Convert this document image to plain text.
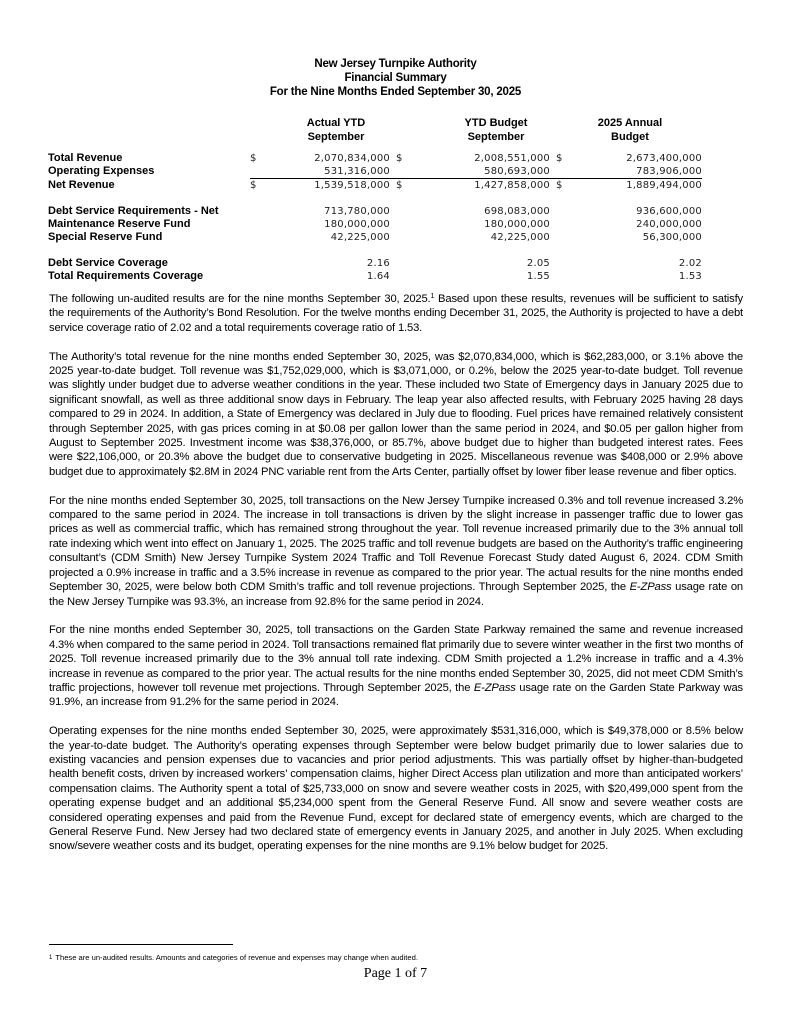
New Jersey Turnpike Authority
Financial Summary
For the Nine Months Ended September 30, 2025
Actual YTD
September
YTD Budget
September
2025 Annual
Budget
Total Revenue	$	2,070,834,000	$	2,008,551,000	$	2,673,400,000
Operating Expenses		531,316,000		580,693,000		783,906,000
Net Revenue	$	1,539,518,000	$	1,427,858,000	$	1,889,494,000

Debt Service Requirements - Net		713,780,000		698,083,000		936,600,000
Maintenance Reserve Fund		180,000,000		180,000,000		240,000,000
Special Reserve Fund		42,225,000		42,225,000		56,300,000

Debt Service Coverage		2.16		2.05		2.02
Total Requirements Coverage		1.64		1.55		1.53

The following un-audited results are for the nine months September 30, 2025.$^1$ Based upon these results, revenues will be sufficient to satisfy the requirements of the Authority’s Bond Resolution. For the twelve months ending December 31, 2025, the Authority is projected to have a debt service coverage ratio of 2.02 and a total requirements coverage ratio of 1.53.

The Authority’s total revenue for the nine months ended September 30, 2025, was $2,070,834,000, which is $62,283,000, or 3.1% above the 2025 year-to-date budget. Toll revenue was $1,752,029,000, which is $3,071,000, or 0.2%, below the 2025 year-to-date budget. Toll revenue was slightly under budget due to adverse weather conditions in the year. These included two State of Emergency days in January 2025 due to significant snowfall, as well as three additional snow days in February. The leap year also affected results, with February 2025 having 28 days compared to 29 in 2024. In addition, a State of Emergency was declared in July due to flooding. Fuel prices have remained relatively consistent through September 2025, with gas prices coming in at $0.08 per gallon lower than the same period in 2024, and $0.05 per gallon higher from August to September 2025. Investment income was $38,376,000, or 85.7%, above budget due to higher than budgeted interest rates. Fees were $22,106,000, or 20.3% above the budget due to conservative budgeting in 2025. Miscellaneous revenue was $408,000 or 2.9% above budget due to approximately $2.8M in 2024 PNC variable rent from the Arts Center, partially offset by lower fiber lease revenue and fiber optics.

For the nine months ended September 30, 2025, toll transactions on the New Jersey Turnpike increased 0.3% and toll revenue increased 3.2% compared to the same period in 2024. The increase in toll transactions is driven by the slight increase in passenger traffic due to lower gas prices as well as commercial traffic, which has remained strong throughout the year. Toll revenue increased primarily due to the 3% annual toll rate indexing which went into effect on January 1, 2025. The 2025 traffic and toll revenue budgets are based on the Authority’s traffic engineering consultant’s (CDM Smith) New Jersey Turnpike System 2024 Traffic and Toll Revenue Forecast Study dated August 6, 2024. CDM Smith projected a 0.9% increase in traffic and a 3.5% increase in revenue as compared to the prior year. The actual results for the nine months ended September 30, 2025, were below both CDM Smith’s traffic and toll revenue projections. Through September 2025, the E-ZPass usage rate on the New Jersey Turnpike was 93.3%, an increase from 92.8% for the same period in 2024.

For the nine months ended September 30, 2025, toll transactions on the Garden State Parkway remained the same and revenue increased 4.3% when compared to the same period in 2024. Toll transactions remained flat primarily due to severe winter weather in the first two months of 2025. Toll revenue increased primarily due to the 3% annual toll rate indexing. CDM Smith projected a 1.2% increase in traffic and a 4.3% increase in revenue as compared to the prior year. The actual results for the nine months ended September 30, 2025, did not meet CDM Smith’s traffic projections, however toll revenue met projections. Through September 2025, the E-ZPass usage rate on the Garden State Parkway was 91.9%, an increase from 91.2% for the same period in 2024.

Operating expenses for the nine months ended September 30, 2025, were approximately $531,316,000, which is $49,378,000 or 8.5% below the year-to-date budget. The Authority’s operating expenses through September were below budget primarily due to lower salaries due to existing vacancies and pension expenses due to vacancies and prior period adjustments. This was partially offset by higher-than-budgeted health benefit costs, driven by increased workers’ compensation claims, higher Direct Access plan utilization and more than anticipated workers’ compensation claims. The Authority spent a total of $25,733,000 on snow and severe weather costs in 2025, with $20,499,000 spent from the operating expense budget and an additional $5,234,000 spent from the General Reserve Fund. All snow and severe weather costs are considered operating expenses and paid from the Revenue Fund, except for declared state of emergency events, which are charged to the General Reserve Fund. New Jersey had two declared state of emergency events in January 2025, and another in July 2025. When excluding snow/severe weather costs and its budget, operating expenses for the nine months are 9.1% below budget for 2025.

$^1$ These are un-audited results. Amounts and categories of revenue and expenses may change when audited.
Page 1 of 7
